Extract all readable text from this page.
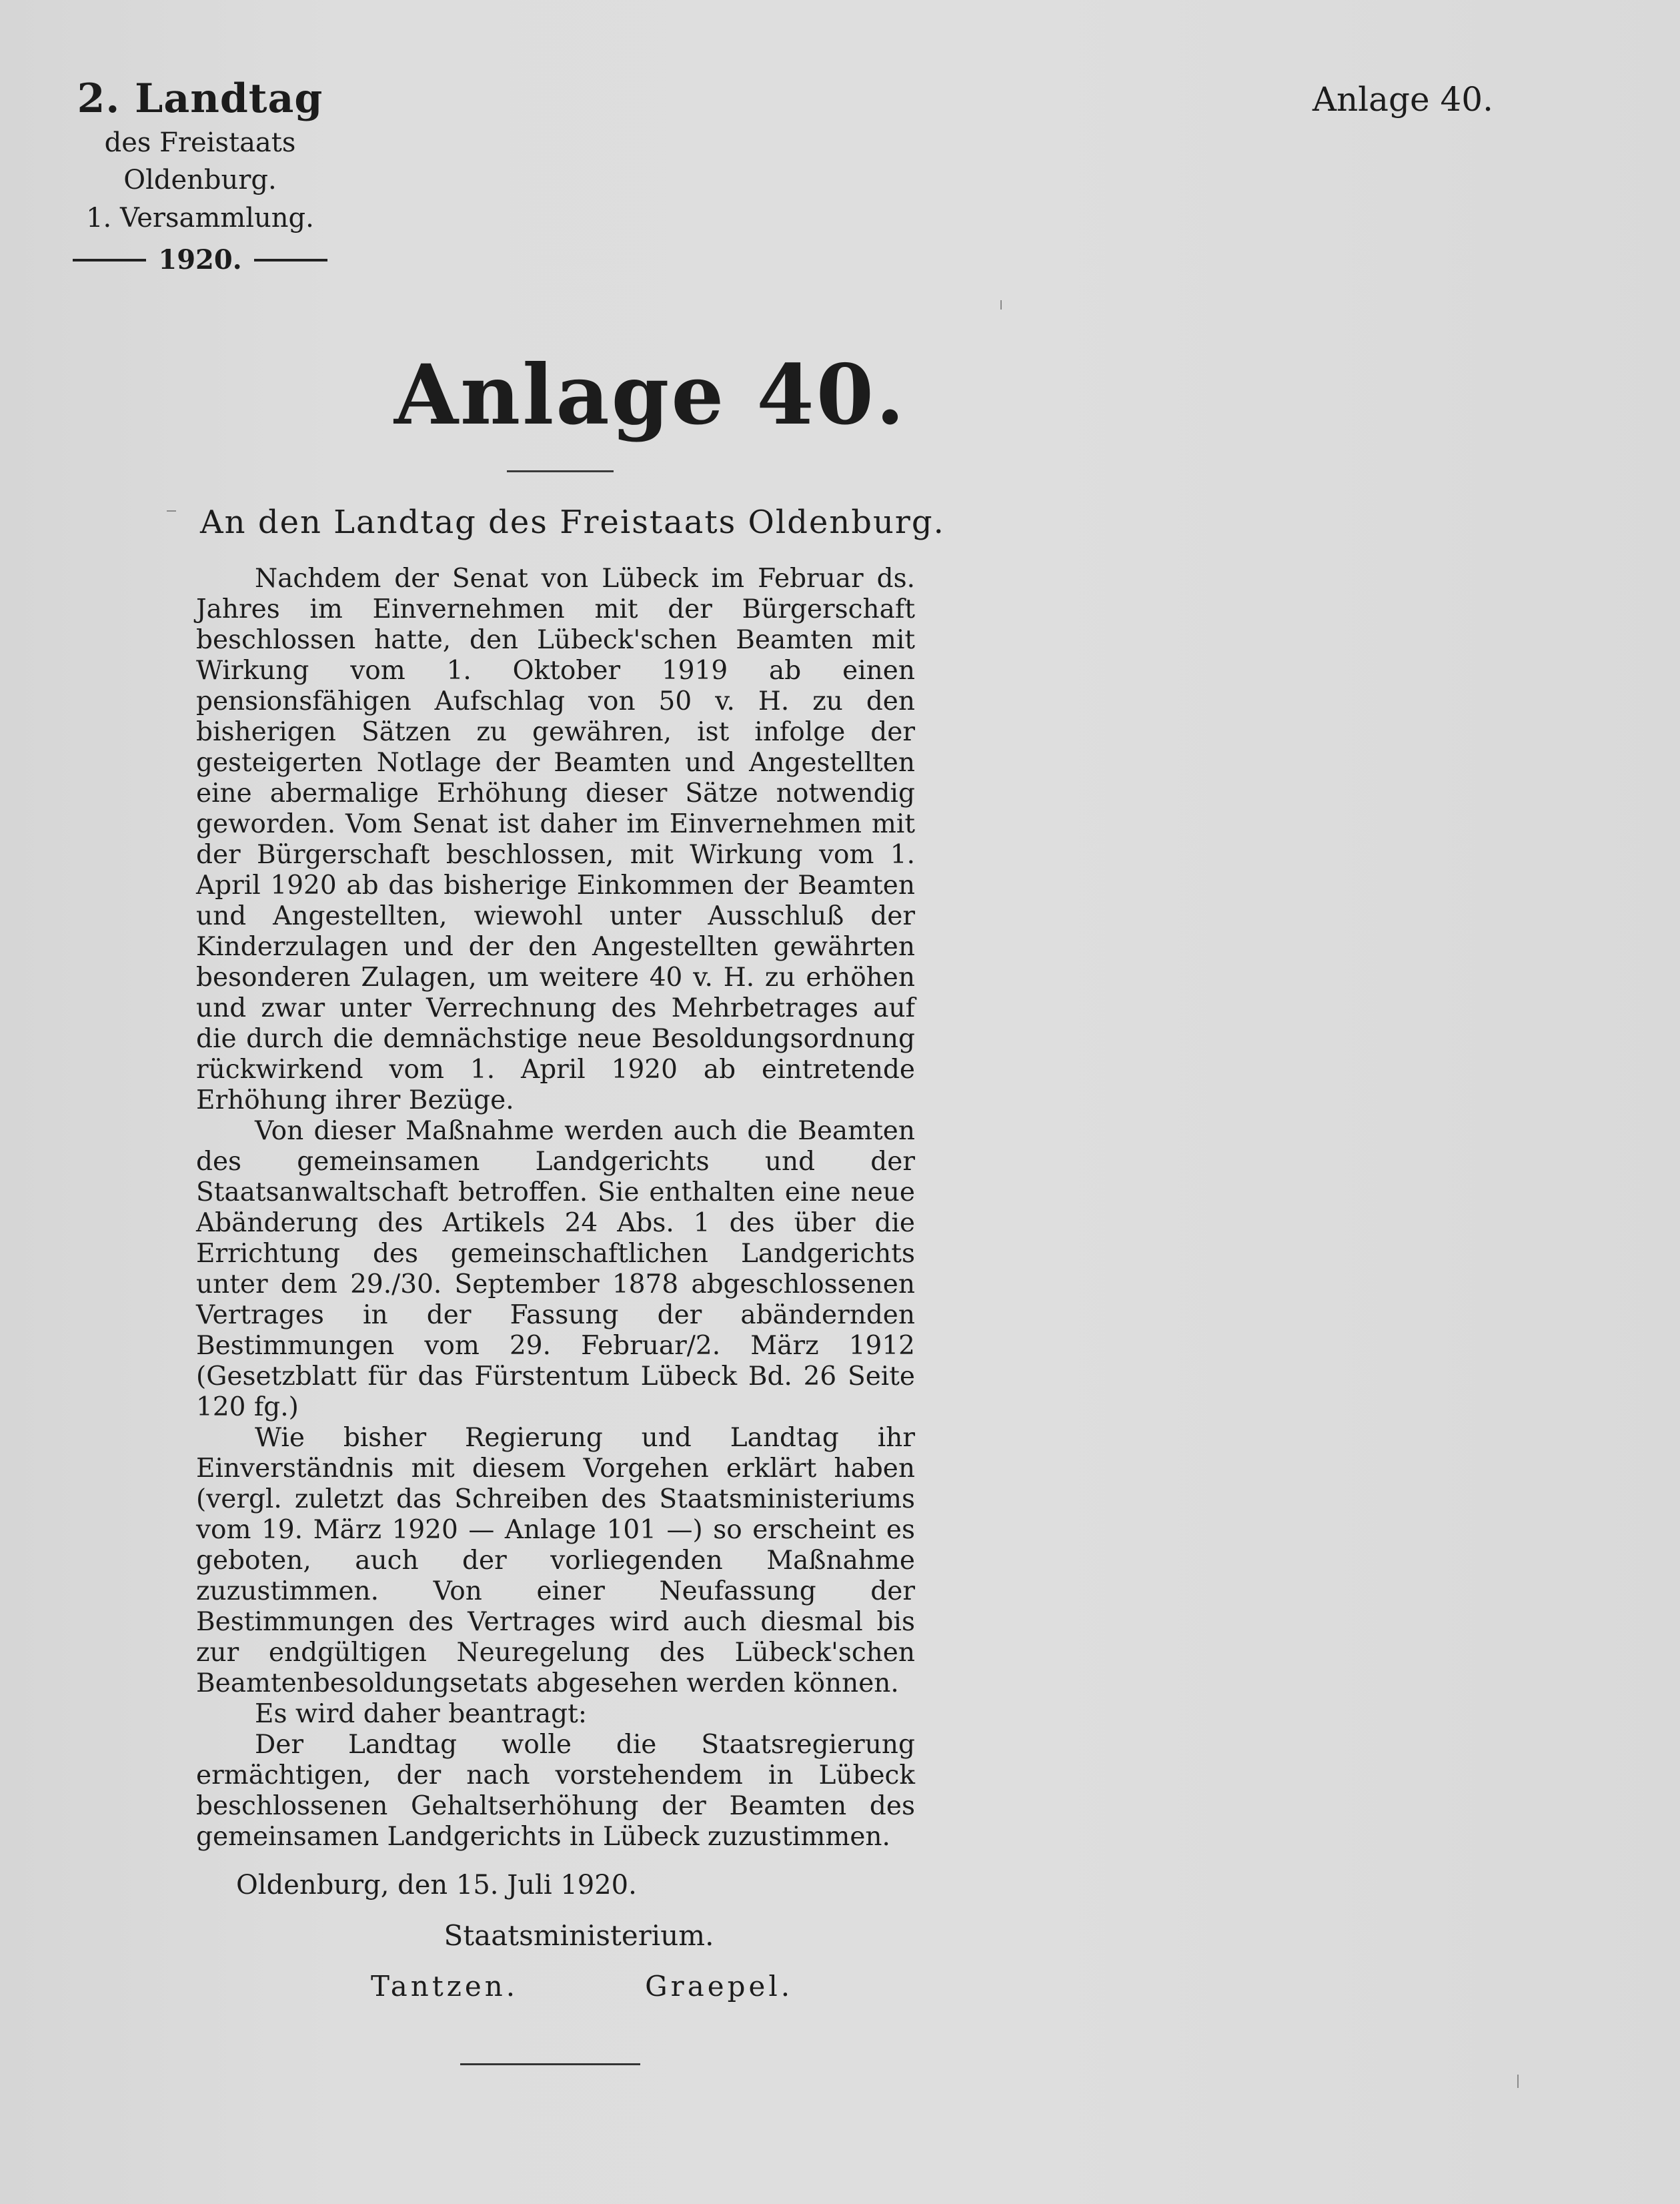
2. Landtag
des Freistaats Oldenburg.
1. Versammlung.
1920.
Anlage 40.
Anlage 40.
An den Landtag des Freistaats Oldenburg.

Nachdem der Senat von Lübeck im Februar ds. Jahres im Einvernehmen mit der Bürgerschaft beschlossen hatte, den Lübeck'schen Beamten mit Wirkung vom 1. Oktober 1919 ab einen pensionsfähigen Aufschlag von 50 v. H. zu den bisherigen Sätzen zu gewähren, ist infolge der gesteigerten Notlage der Beamten und Angestellten eine abermalige Erhöhung dieser Sätze notwendig geworden. Vom Senat ist daher im Einvernehmen mit der Bürgerschaft beschlossen, mit Wirkung vom 1. April 1920 ab das bisherige Einkommen der Beamten und Angestellten, wiewohl unter Ausschluß der Kinderzulagen und der den Angestellten gewährten besonderen Zulagen, um weitere 40 v. H. zu erhöhen und zwar unter Verrechnung des Mehrbetrages auf die durch die demnächstige neue Besoldungsordnung rückwirkend vom 1. April 1920 ab eintretende Erhöhung ihrer Bezüge.

Von dieser Maßnahme werden auch die Beamten des gemeinsamen Landgerichts und der Staatsanwaltschaft betroffen. Sie enthalten eine neue Abänderung des Artikels 24 Abs. 1 des über die Errichtung des gemeinschaftlichen Landgerichts unter dem 29./30. September 1878 abgeschlossenen Vertrages in der Fassung der abändernden Bestimmungen vom 29. Februar/2. März 1912 (Gesetzblatt für das Fürstentum Lübeck Bd. 26 Seite 120 fg.)

Wie bisher Regierung und Landtag ihr Einverständnis mit diesem Vorgehen erklärt haben (vergl. zuletzt das Schreiben des Staatsministeriums vom 19. März 1920 — Anlage 101 —) so erscheint es geboten, auch der vorliegenden Maßnahme zuzustimmen. Von einer Neufassung der Bestimmungen des Vertrages wird auch diesmal bis zur endgültigen Neuregelung des Lübeck'schen Beamtenbesoldungsetats abgesehen werden können.

Es wird daher beantragt:

Der Landtag wolle die Staatsregierung ermächtigen, der nach vorstehendem in Lübeck beschlossenen Gehaltserhöhung der Beamten des gemeinsamen Landgerichts in Lübeck zuzustimmen.

Oldenburg, den 15. Juli 1920.
Staatsministerium.
Tantzen.	Graepel.
